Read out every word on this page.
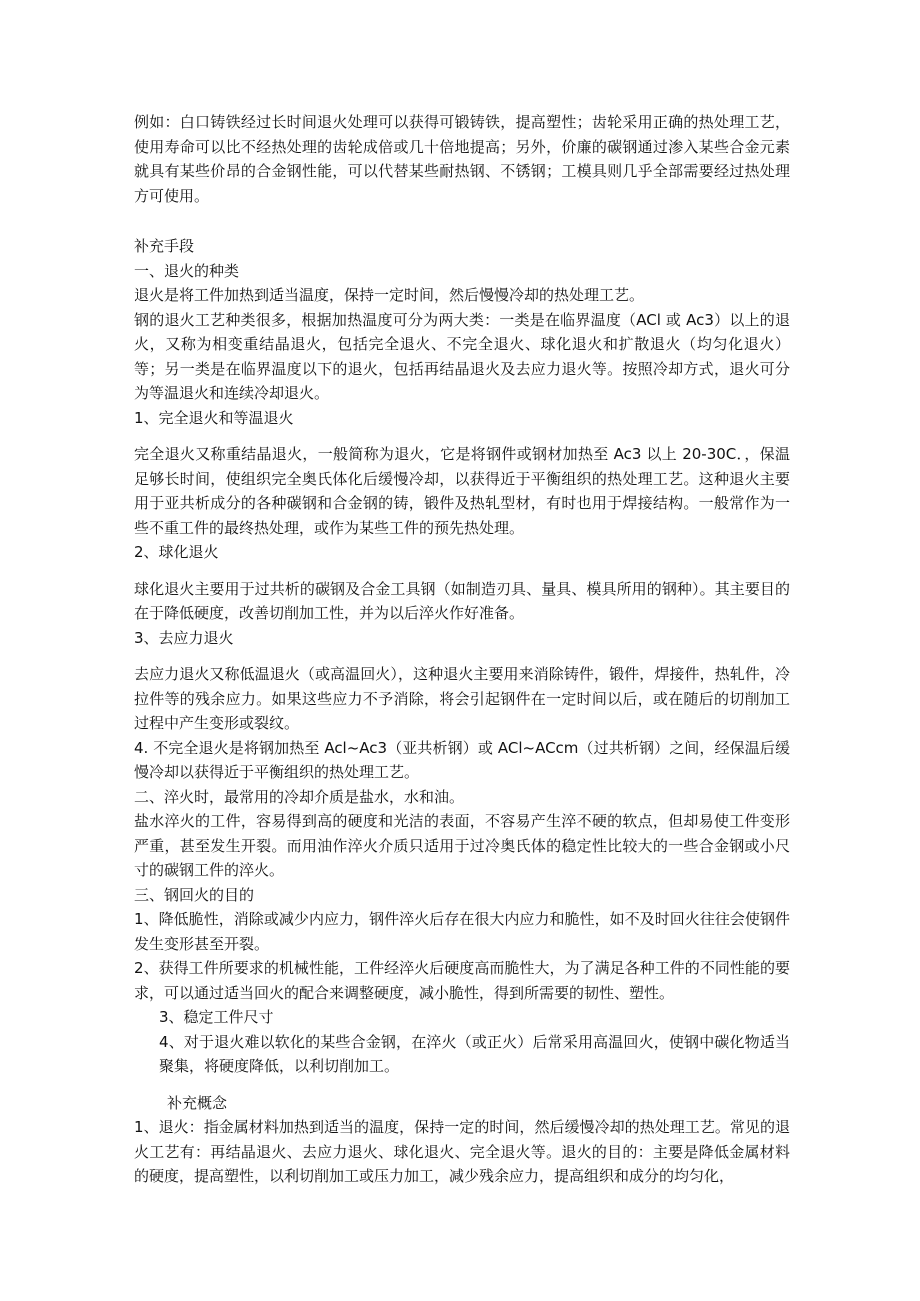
例如：白口铸铁经过长时间退火处理可以获得可锻铸铁，提高塑性；齿轮采用正确的热处理工艺，使用寿命可以比不经热处理的齿轮成倍或几十倍地提高；另外，价廉的碳钢通过渗入某些合金元素就具有某些价昂的合金钢性能，可以代替某些耐热钢、不锈钢；工模具则几乎全部需要经过热处理方可使用。

补充手段

一、退火的种类

退火是将工件加热到适当温度，保持一定时间，然后慢慢冷却的热处理工艺。

钢的退火工艺种类很多，根据加热温度可分为两大类：一类是在临界温度（ACl 或 Ac3）以上的退火，又称为相变重结晶退火，包括完全退火、不完全退火、球化退火和扩散退火（均匀化退火）等；另一类是在临界温度以下的退火，包括再结晶退火及去应力退火等。按照冷却方式，退火可分为等温退火和连续冷却退火。

1、完全退火和等温退火

完全退火又称重结晶退火，一般简称为退火，它是将钢件或钢材加热至 Ac3 以上 20-30C．，保温足够长时间，使组织完全奥氏体化后缓慢冷却，以获得近于平衡组织的热处理工艺。这种退火主要用于亚共析成分的各种碳钢和合金钢的铸，锻件及热轧型材，有时也用于焊接结构。一般常作为一些不重工件的最终热处理，或作为某些工件的预先热处理。

2、球化退火

球化退火主要用于过共析的碳钢及合金工具钢（如制造刃具、量具、模具所用的钢种）。其主要目的在于降低硬度，改善切削加工性，并为以后淬火作好准备。

3、去应力退火

去应力退火又称低温退火（或高温回火），这种退火主要用来消除铸件，锻件，焊接件，热轧件，冷拉件等的残余应力。如果这些应力不予消除，将会引起钢件在一定时间以后，或在随后的切削加工过程中产生变形或裂纹。

4. 不完全退火是将钢加热至 Acl~Ac3（亚共析钢）或 ACl~ACcm（过共析钢）之间，经保温后缓慢冷却以获得近于平衡组织的热处理工艺。

二、淬火时，最常用的冷却介质是盐水，水和油。

盐水淬火的工件，容易得到高的硬度和光洁的表面，不容易产生淬不硬的软点，但却易使工件变形严重，甚至发生开裂。而用油作淬火介质只适用于过冷奥氏体的稳定性比较大的一些合金钢或小尺寸的碳钢工件的淬火。

三、钢回火的目的

1、降低脆性，消除或减少内应力，钢件淬火后存在很大内应力和脆性，如不及时回火往往会使钢件发生变形甚至开裂。

2、获得工件所要求的机械性能，工件经淬火后硬度高而脆性大，为了满足各种工件的不同性能的要求，可以通过适当回火的配合来调整硬度，减小脆性，得到所需要的韧性、塑性。

3、稳定工件尺寸

4、对于退火难以软化的某些合金钢，在淬火（或正火）后常采用高温回火，使钢中碳化物适当聚集，将硬度降低，以利切削加工。

补充概念

1、退火：指金属材料加热到适当的温度，保持一定的时间，然后缓慢冷却的热处理工艺。常见的退火工艺有：再结晶退火、去应力退火、球化退火、完全退火等。退火的目的：主要是降低金属材料的硬度，提高塑性，以利切削加工或压力加工，减少残余应力，提高组织和成分的均匀化，
